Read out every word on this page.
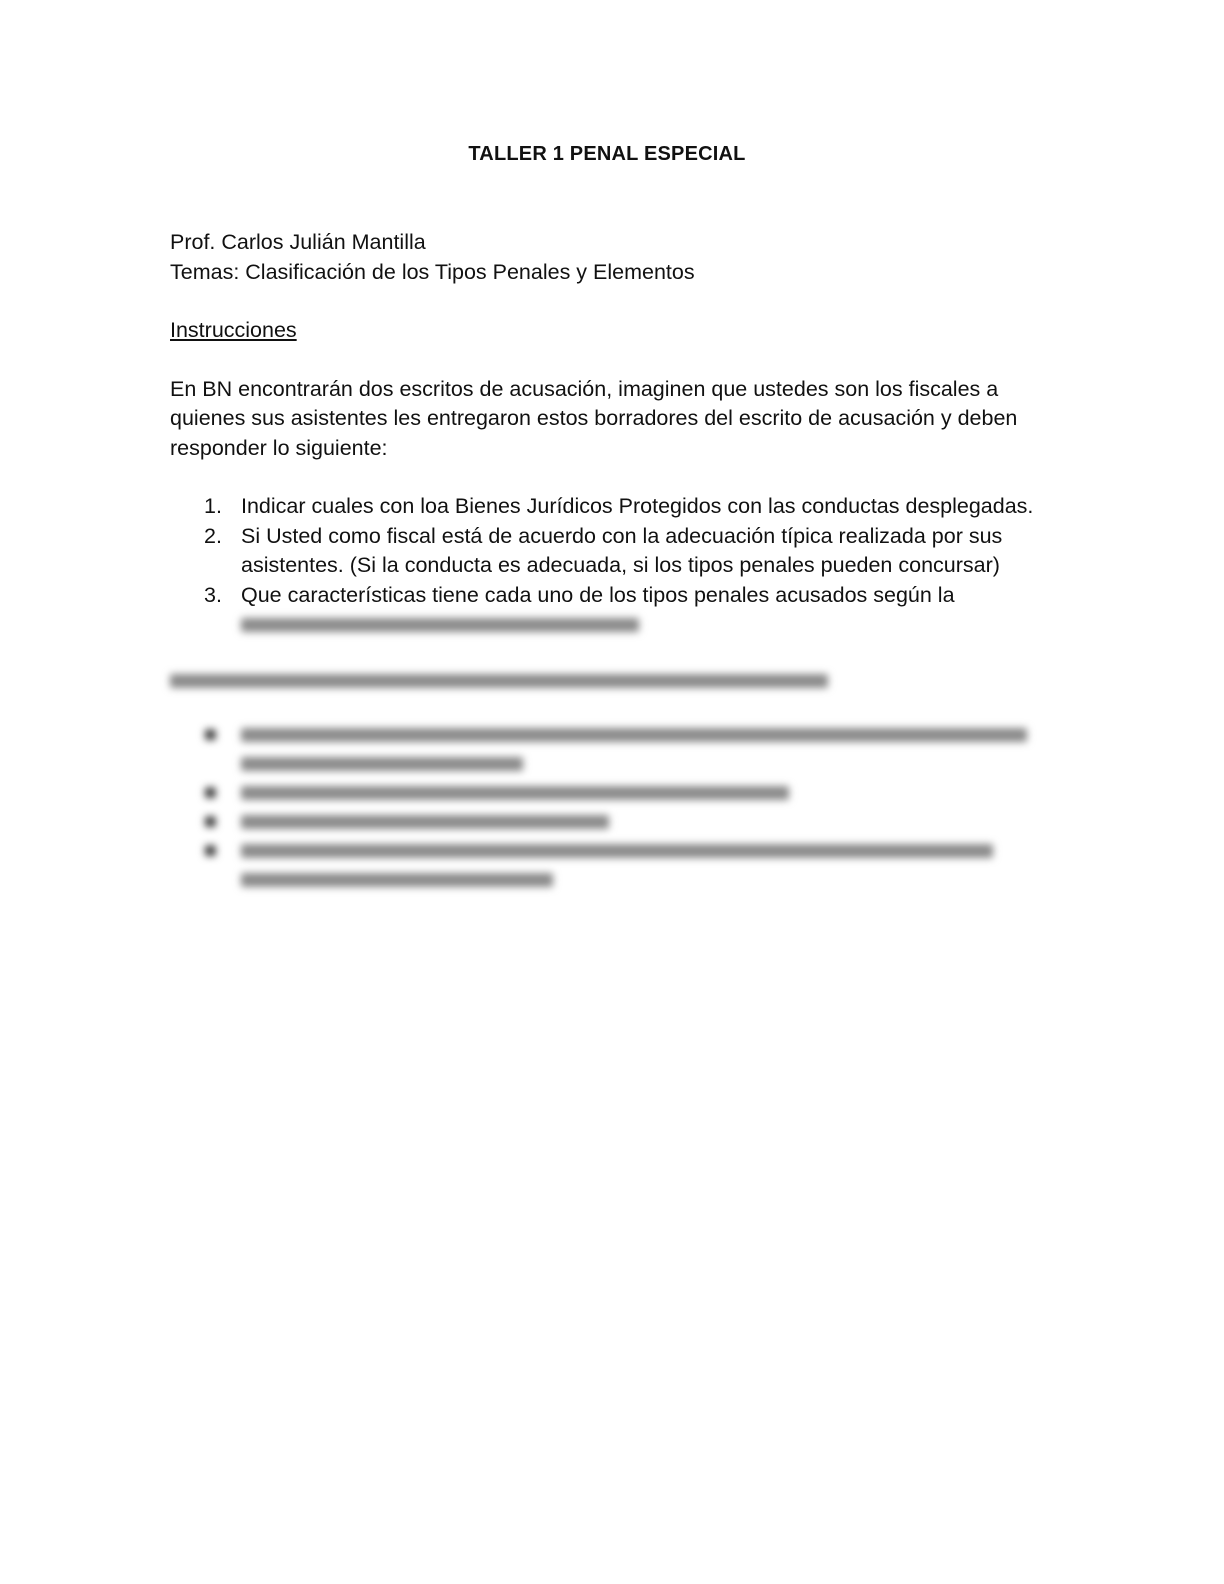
TALLER 1 PENAL ESPECIAL
Prof. Carlos Julián Mantilla
Temas: Clasificación de los Tipos Penales y Elementos
Instrucciones
En BN encontrarán dos escritos de acusación, imaginen que ustedes son los fiscales a
quienes sus asistentes les entregaron estos borradores del escrito de acusación y deben
responder lo siguiente:
1. Indicar cuales con loa Bienes Jurídicos Protegidos con las conductas desplegadas.
2. Si Usted como fiscal está de acuerdo con la adecuación típica realizada por sus
asistentes. (Si la conducta es adecuada, si los tipos penales pueden concursar)
3. Que características tiene cada uno de los tipos penales acusados según la
■

■
■
■
